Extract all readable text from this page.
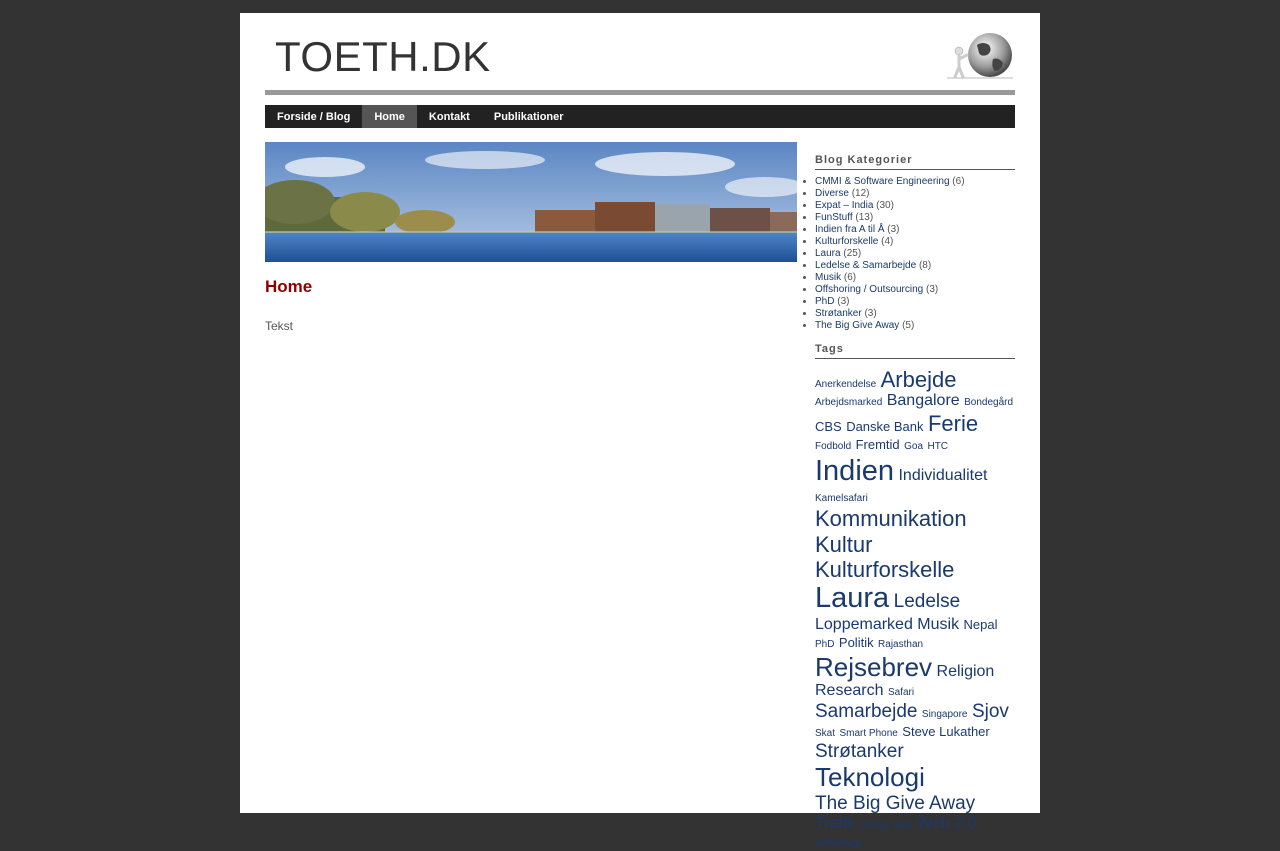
TOETH.DK
Forside / Blog	Home	Kontakt	Publikationer
Home
Tekst
Blog Kategorier
• CMMI & Software Engineering (6)
• Diverse (12)
• Expat – India (30)
• FunStuff (13)
• Indien fra A til Å (3)
• Kulturforskelle (4)
• Laura (25)
• Ledelse & Samarbejde (8)
• Musik (6)
• Offshoring / Outsourcing (3)
• PhD (3)
• Strøtanker (3)
• The Big Give Away (5)
Tags
Anerkendelse Arbejde Arbejdsmarked Bangalore Bondegård CBS Danske Bank Ferie Fodbold Fremtid Goa HTC Indien Individualitet Kamelsafari Kommunikation Kultur Kulturforskelle Laura Ledelse Loppemarked Musik Nepal PhD Politik Rajasthan Rejsebrev Religion Research Safari Samarbejde Singapore Sjov Skat Smart Phone Steve Lukather Strøtanker Teknologi The Big Give Away Trafik Vertigo web Web 2.0 webdesign
